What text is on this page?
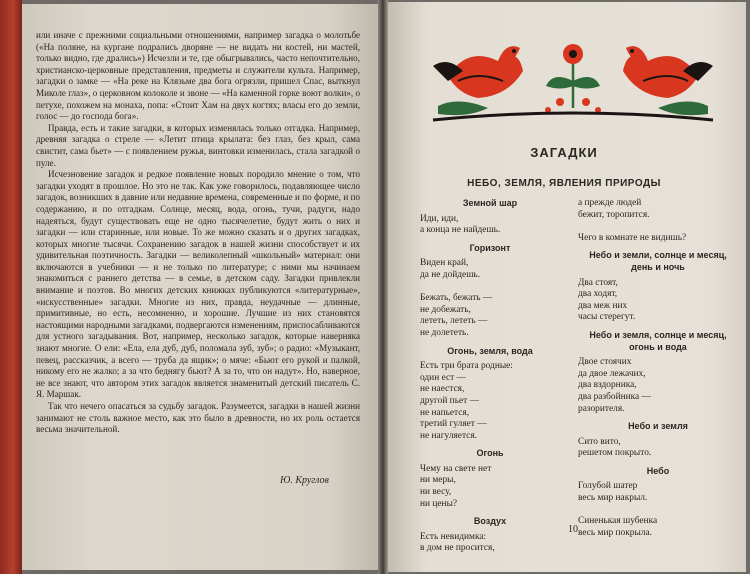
или иначе с прежними социальными отношениями, например загадка о молотьбе («На поляне, на кургане подрались дворяне — не видать ни костей, ни мастей, только видно, где дрались») Исчезли и те, где обыгрывались, часто непочтительно, христианско-церковные представления, предметы и служители культа. Например, загадки о замке — «На реке на Клязьме два бога огрязли, пришел Спас, выткнул Миколе глаз», о церковном колоколе и звоне — «На каменной горке воют волки», о петухе, похожем на монаха, попа: «Стоит Хам на двух когтях; власы его до земли, голос — до господа бога».

Правда, есть и такие загадки, в которых изменялась только отгадка. Например, древняя загадка о стреле — «Летит птица крылата: без глаз, без крыл, сама свистит, сама бьет» — с появлением ружья, винтовки изменилась, стала загадкой о пуле.

Исчезновение загадок и редкое появление новых породило мнение о том, что загадки уходят в прошлое. Но это не так. Как уже говорилось, подавляющее число загадок, возникших в давние или недавние времена, современные и по форме, и по содержанию, и по отгадкам. Солнце, месяц, вода, огонь, тучи, радуги, надо надеяться, будут существовать еще не одно тысячелетие, будут жить о них и загадки — или старинные, или новые. То же можно сказать и о других загадках, которых многие тысячи. Сохранению загадок в нашей жизни способствует и их удивительная поэтичность. Загадки — великолепный «школьный» материал: они включаются в учебники — и не только по литературе; с ними мы начинаем знакомиться с раннего детства — в семье, в детском саду. Загадки привлекли внимание и поэтов. Во многих детских книжках публикуются «литературные», «искусственные» загадки. Многие из них, правда, неудачные — длинные, примитивные, но есть, несомненно, и хорошие. Лучшие из них становятся настоящими народными загадками, подвергаются изменениям, приспосабливаются для устного загадывания. Вот, например, несколько загадок, которые наверняка знают многие. О ели: «Ела, ела дуб, дуб, поломала зуб, зуб»; о радио: «Музыкант, певец, рассказчик, а всего — труба да ящик»; о мяче: «Бьют его рукой и палкой, никому его не жалко; а за что беднягу бьют? А за то, что он надут». Но, наверное, не все знают, что автором этих загадок является знаменитый детский писатель С. Я. Маршак.

Так что нечего опасаться за судьбу загадок. Разумеется, загадки в нашей жизни занимают не столь важное место, как это было в древности, но их роль остается весьма значительной.

Ю. Круглов
ЗАГАДКИ
НЕБО, ЗЕМЛЯ, ЯВЛЕНИЯ ПРИРОДЫ
Земной шар
Иди, иди,
а конца не найдешь.
Горизонт
Виден край,
да не дойдешь.

Бежать, бежать —
не добежать,
лететь, лететь —
не долететь.
Огонь, земля, вода
Есть три брата родные:
один ест —
не наестся,
другой пьет —
не напьется,
третий гуляет —
не нагуляется.
Огонь
Чему на свете нет
ни меры,
ни весу,
ни цены?
Воздух
Есть невидимка:
в дом не просится,
а прежде людей
бежит, торопится.

Чего в комнате не видишь?
Небо и земли, солнце и месяц,
день и ночь
Два стоят,
два ходят,
два меж них
часы стерегут.
Небо и земля, солнце и месяц,
огонь и вода
Двое стоячих
да двое лежачих,
два вздорника,
два разбойника —
разорителя.
Небо и земля
Сито вито,
решетом покрыто.
Небо
Голубой шатер
весь мир накрыл.

Синенькая шубенка
весь мир покрыла.
10
